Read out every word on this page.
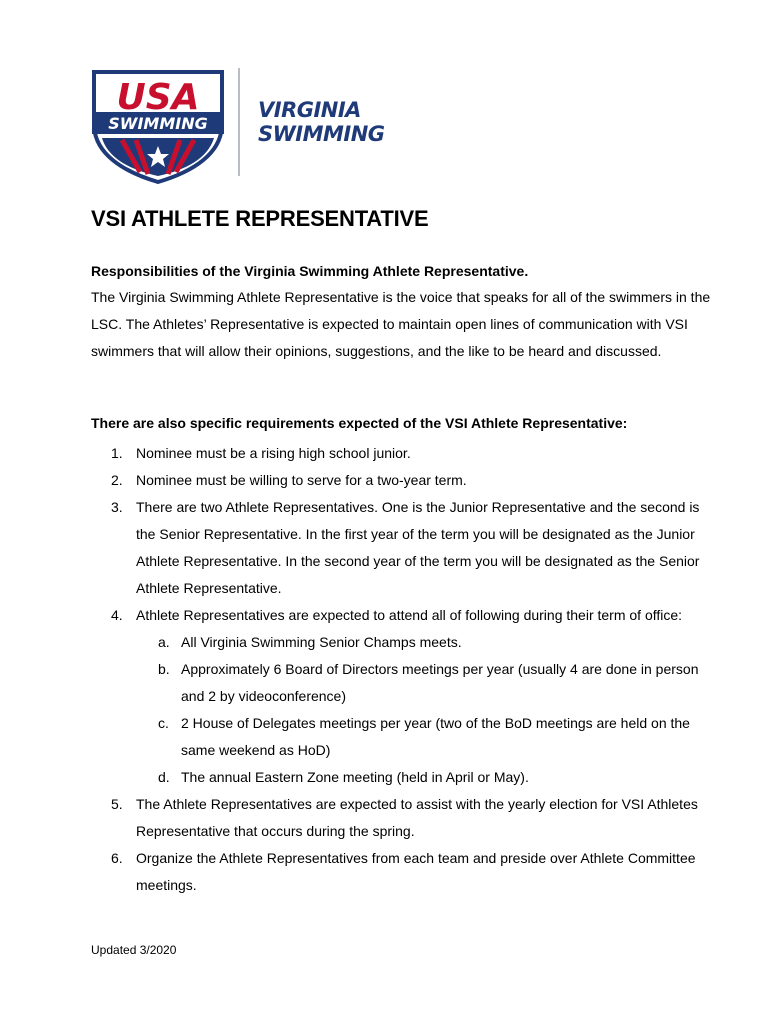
USA
SWIMMING
VIRGINIA
SWIMMING
VSI ATHLETE REPRESENTATIVE

Responsibilities of the Virginia Swimming Athlete Representative.

The Virginia Swimming Athlete Representative is the voice that speaks for all of the swimmers in the LSC. The Athletes’ Representative is expected to maintain open lines of communication with VSI swimmers that will allow their opinions, suggestions, and the like to be heard and discussed.

There are also specific requirements expected of the VSI Athlete Representative:

1. Nominee must be a rising high school junior.
2. Nominee must be willing to serve for a two-year term.
3. There are two Athlete Representatives. One is the Junior Representative and the second is the Senior Representative. In the first year of the term you will be designated as the Junior Athlete Representative. In the second year of the term you will be designated as the Senior Athlete Representative.
4. Athlete Representatives are expected to attend all of following during their term of office:
a. All Virginia Swimming Senior Champs meets.
b. Approximately 6 Board of Directors meetings per year (usually 4 are done in person and 2 by videoconference)
c. 2 House of Delegates meetings per year (two of the BoD meetings are held on the same weekend as HoD)
d. The annual Eastern Zone meeting (held in April or May).
5. The Athlete Representatives are expected to assist with the yearly election for VSI Athletes Representative that occurs during the spring.
6. Organize the Athlete Representatives from each team and preside over Athlete Committee meetings.
Updated 3/2020
